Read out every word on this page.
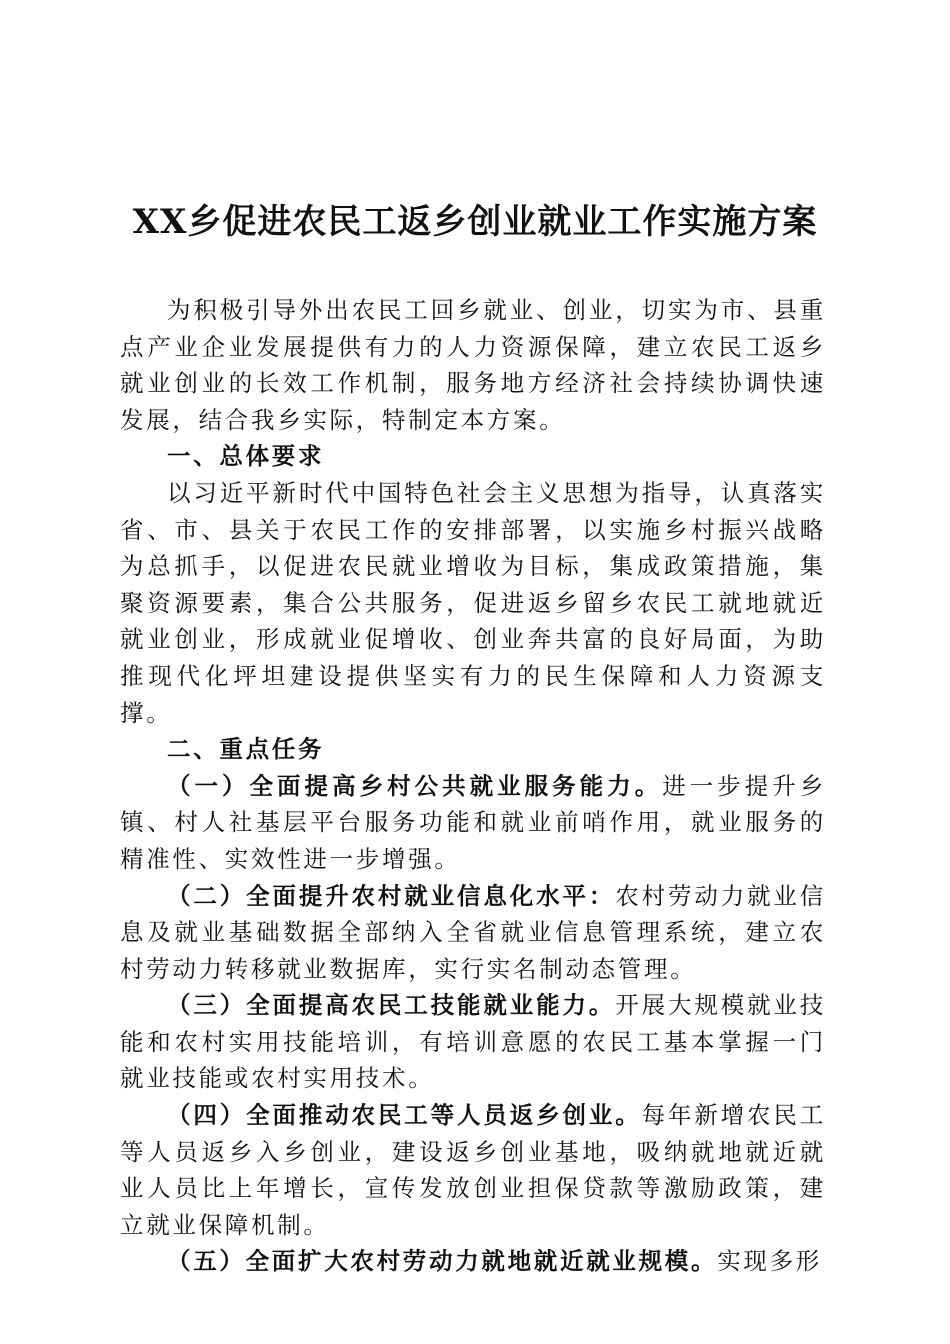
XX乡促进农民工返乡创业就业工作实施方案

为积极引导外出农民工回乡就业、创业，切实为市、县重点产业企业发展提供有力的人力资源保障，建立农民工返乡就业创业的长效工作机制，服务地方经济社会持续协调快速发展，结合我乡实际，特制定本方案。

一、总体要求

以习近平新时代中国特色社会主义思想为指导，认真落实省、市、县关于农民工作的安排部署，以实施乡村振兴战略为总抓手，以促进农民就业增收为目标，集成政策措施，集聚资源要素，集合公共服务，促进返乡留乡农民工就地就近就业创业，形成就业促增收、创业奔共富的良好局面，为助推现代化坪坦建设提供坚实有力的民生保障和人力资源支撑。

二、重点任务

（一）全面提高乡村公共就业服务能力。进一步提升乡镇、村人社基层平台服务功能和就业前哨作用，就业服务的精准性、实效性进一步增强。

（二）全面提升农村就业信息化水平：农村劳动力就业信息及就业基础数据全部纳入全省就业信息管理系统，建立农村劳动力转移就业数据库，实行实名制动态管理。

（三）全面提高农民工技能就业能力。开展大规模就业技能和农村实用技能培训，有培训意愿的农民工基本掌握一门就业技能或农村实用技术。

（四）全面推动农民工等人员返乡创业。每年新增农民工等人员返乡入乡创业，建设返乡创业基地，吸纳就地就近就业人员比上年增长，宣传发放创业担保贷款等激励政策，建立就业保障机制。

（五）全面扩大农村劳动力就地就近就业规模。实现多形
